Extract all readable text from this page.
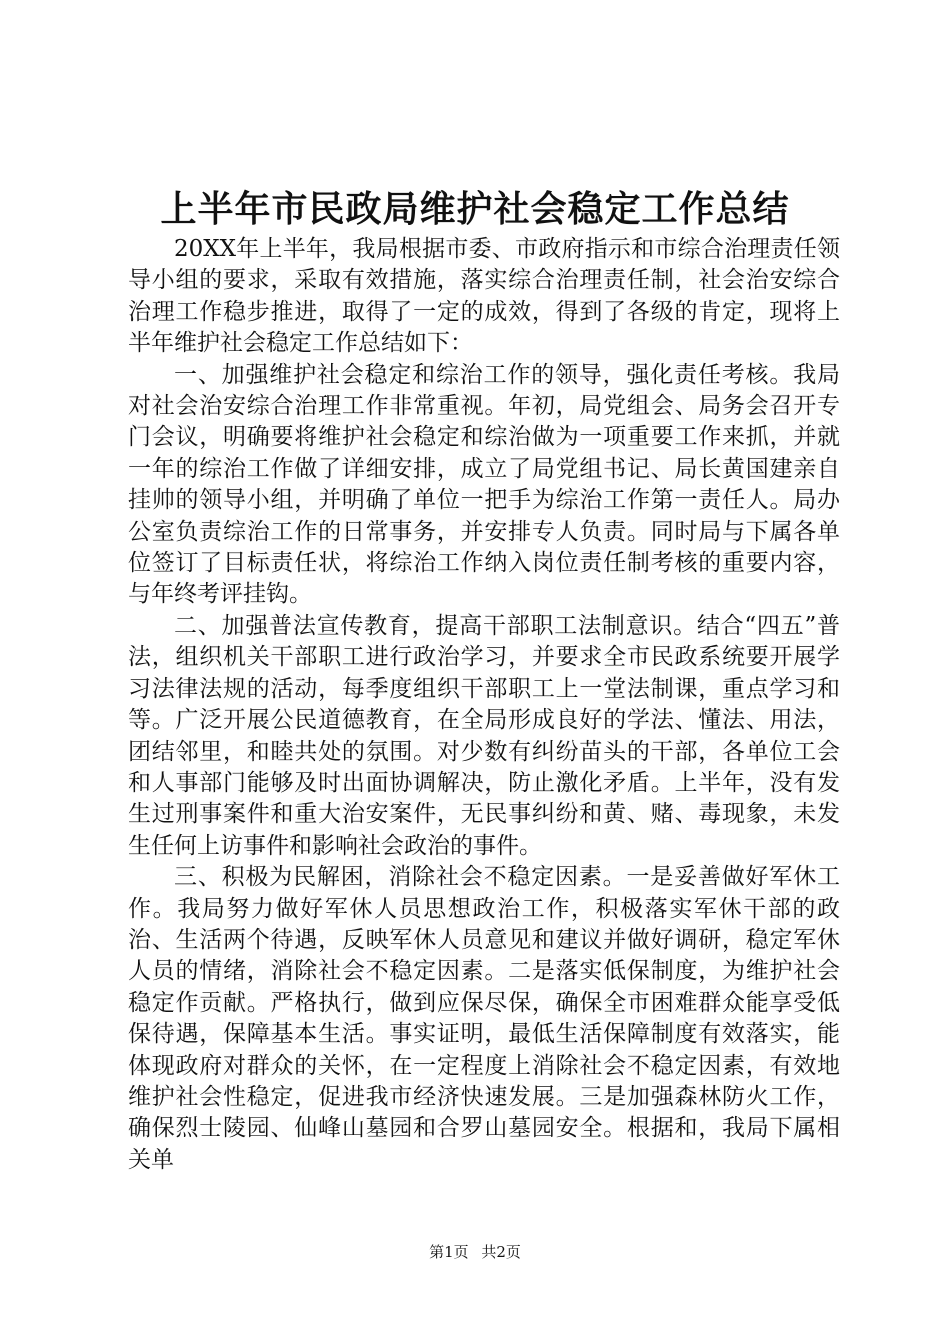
上半年市民政局维护社会稳定工作总结

20XX年上半年，我局根据市委、市政府指示和市综合治理责任领导小组的要求，采取有效措施，落实综合治理责任制，社会治安综合治理工作稳步推进，取得了一定的成效，得到了各级的肯定，现将上半年维护社会稳定工作总结如下：

一、加强维护社会稳定和综治工作的领导，强化责任考核。我局对社会治安综合治理工作非常重视。年初，局党组会、局务会召开专门会议，明确要将维护社会稳定和综治做为一项重要工作来抓，并就一年的综治工作做了详细安排，成立了局党组书记、局长黄国建亲自挂帅的领导小组，并明确了单位一把手为综治工作第一责任人。局办公室负责综治工作的日常事务，并安排专人负责。同时局与下属各单位签订了目标责任状，将综治工作纳入岗位责任制考核的重要内容，与年终考评挂钩。

二、加强普法宣传教育，提高干部职工法制意识。结合“四五”普法，组织机关干部职工进行政治学习，并要求全市民政系统要开展学习法律法规的活动，每季度组织干部职工上一堂法制课，重点学习和等。广泛开展公民道德教育，在全局形成良好的学法、懂法、用法，团结邻里，和睦共处的氛围。对少数有纠纷苗头的干部，各单位工会和人事部门能够及时出面协调解决，防止激化矛盾。上半年，没有发生过刑事案件和重大治安案件，无民事纠纷和黄、赌、毒现象，未发生任何上访事件和影响社会政治的事件。

三、积极为民解困，消除社会不稳定因素。一是妥善做好军休工作。我局努力做好军休人员思想政治工作，积极落实军休干部的政治、生活两个待遇，反映军休人员意见和建议并做好调研，稳定军休人员的情绪，消除社会不稳定因素。二是落实低保制度，为维护社会稳定作贡献。严格执行，做到应保尽保，确保全市困难群众能享受低保待遇，保障基本生活。事实证明，最低生活保障制度有效落实，能体现政府对群众的关怀，在一定程度上消除社会不稳定因素，有效地维护社会性稳定，促进我市经济快速发展。三是加强森林防火工作，确保烈士陵园、仙峰山墓园和合罗山墓园安全。根据和，我局下属相关单

第1页 共2页
